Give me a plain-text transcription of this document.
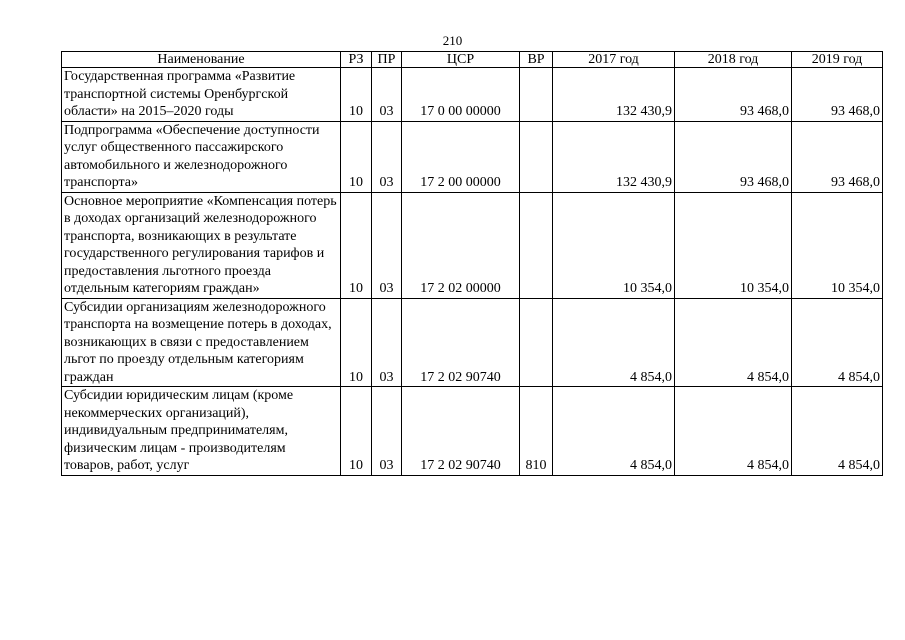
210
Наименование	РЗ	ПР	ЦСР	ВР	2017 год	2018 год	2019 год
Государственная программа «Развитие транспортной системы Оренбургской области» на 2015–2020 годы	10	03	17 0 00 00000		132 430,9	93 468,0	93 468,0
Подпрограмма «Обеспечение доступности услуг общественного пассажирского автомобильного и железнодорожного транспорта»	10	03	17 2 00 00000		132 430,9	93 468,0	93 468,0
Основное мероприятие «Компенсация потерь в доходах организаций железнодорожного транспорта, возникающих в результате государственного регулирования тарифов и предоставления льготного проезда отдельным категориям граждан»	10	03	17 2 02 00000		10 354,0	10 354,0	10 354,0
Субсидии организациям железнодорожного транспорта на возмещение потерь в доходах, возникающих в связи с предоставлением льгот по проезду отдельным категориям граждан	10	03	17 2 02 90740		4 854,0	4 854,0	4 854,0
Субсидии юридическим лицам (кроме некоммерческих организаций), индивидуальным предпринимателям, физическим лицам - производителям товаров, работ, услуг	10	03	17 2 02 90740	810	4 854,0	4 854,0	4 854,0
